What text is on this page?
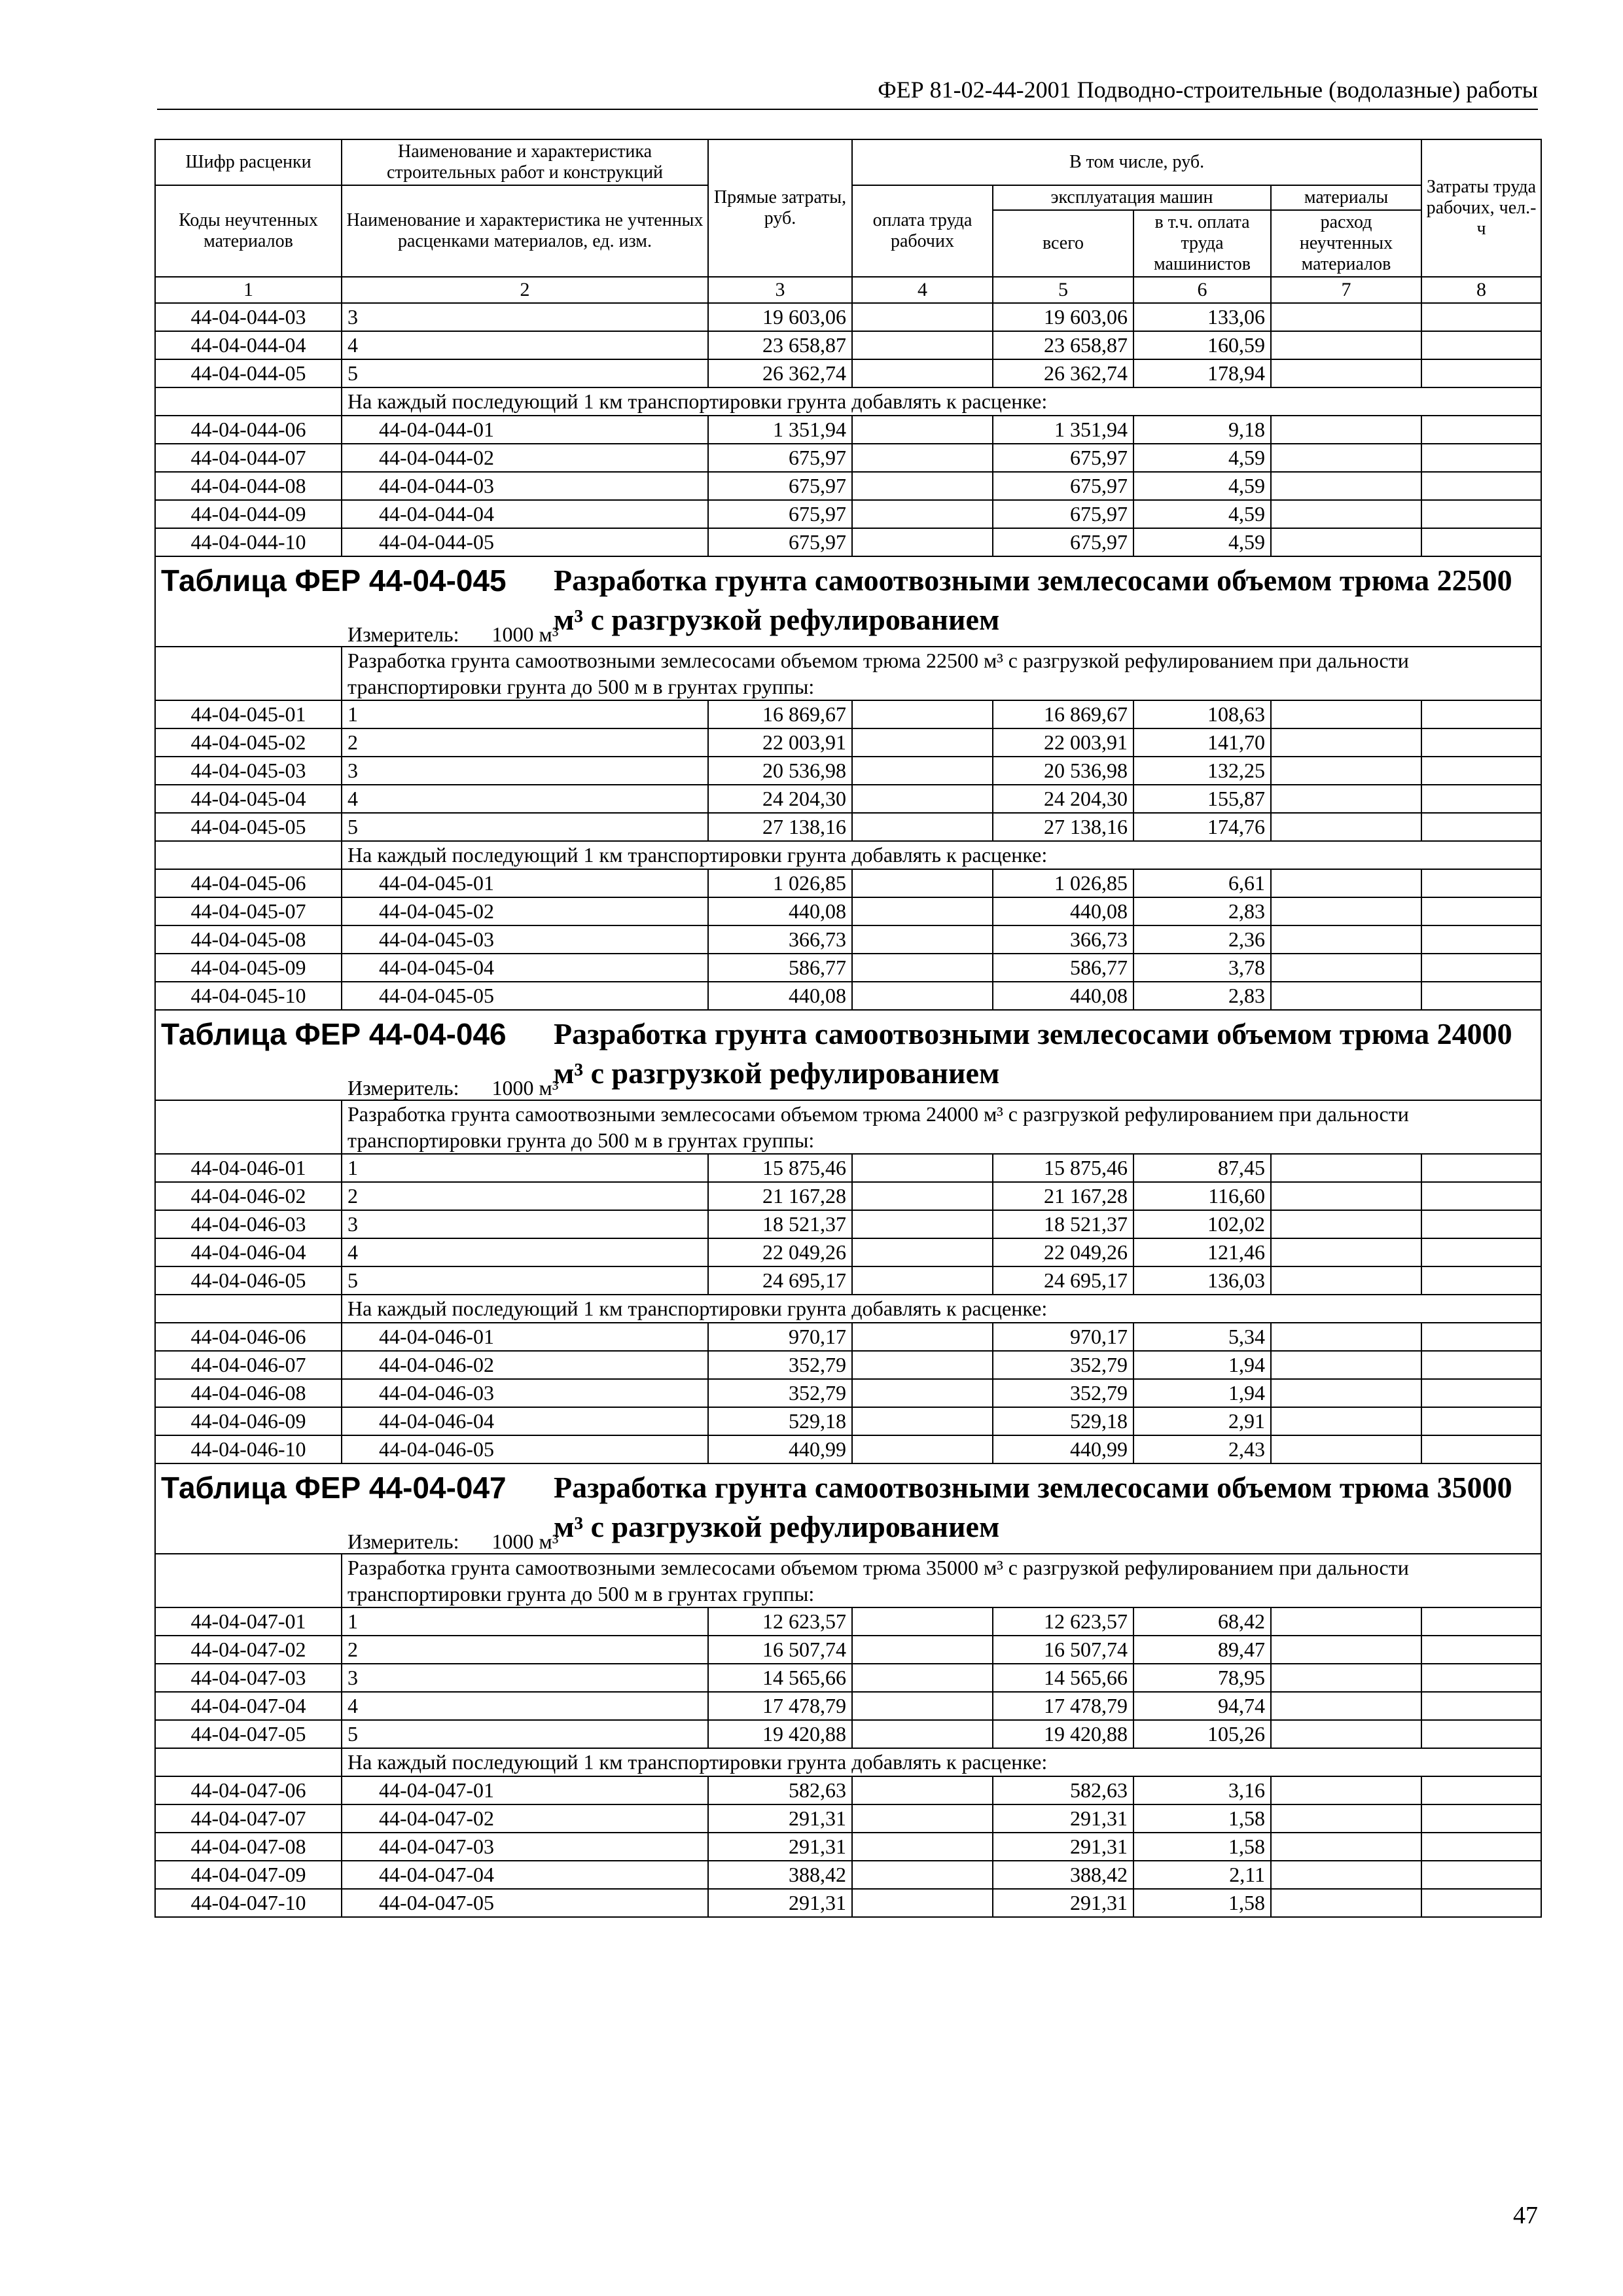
ФЕР 81-02-44-2001 Подводно-строительные (водолазные) работы
Шифр расценки	Наименование и характеристика строительных работ и конструкций	Прямые затраты, руб.	В том числе, руб.				Затраты труда рабочих, чел.-ч
Коды неучтенных материалов	Наименование и характеристика не учтенных расценками материалов, ед. изм.		оплата труда рабочих	эксплуатация машин		материалы	
				всего	в т.ч. оплата труда машинистов	расход неучтенных материалов	
1	2	3	4	5	6	7	8
44-04-044-03	3	19 603,06		19 603,06	133,06		
44-04-044-04	4	23 658,87		23 658,87	160,59		
44-04-044-05	5	26 362,74		26 362,74	178,94		
	На каждый последующий 1 км транспортировки грунта добавлять к расценке:						
44-04-044-06	44-04-044-01	1 351,94		1 351,94	9,18		
44-04-044-07	44-04-044-02	675,97		675,97	4,59		
44-04-044-08	44-04-044-03	675,97		675,97	4,59		
44-04-044-09	44-04-044-04	675,97		675,97	4,59		
44-04-044-10	44-04-044-05	675,97		675,97	4,59		

Таблица ФЕР 44-04-045 Разработка грунта самоотвозными землесосами объемом трюма 22500 м³ с разгрузкой рефулированием
Измеритель: 1000 м³							

	Разработка грунта самоотвозными землесосами объемом трюма 22500 м³ с разгрузкой рефулированием при дальности транспортировки грунта до 500 м в грунтах группы:						
44-04-045-01	1	16 869,67		16 869,67	108,63		
44-04-045-02	2	22 003,91		22 003,91	141,70		
44-04-045-03	3	20 536,98		20 536,98	132,25		
44-04-045-04	4	24 204,30		24 204,30	155,87		
44-04-045-05	5	27 138,16		27 138,16	174,76		
	На каждый последующий 1 км транспортировки грунта добавлять к расценке:						
44-04-045-06	44-04-045-01	1 026,85		1 026,85	6,61		
44-04-045-07	44-04-045-02	440,08		440,08	2,83		
44-04-045-08	44-04-045-03	366,73		366,73	2,36		
44-04-045-09	44-04-045-04	586,77		586,77	3,78		
44-04-045-10	44-04-045-05	440,08		440,08	2,83		

Таблица ФЕР 44-04-046 Разработка грунта самоотвозными землесосами объемом трюма 24000 м³ с разгрузкой рефулированием
Измеритель: 1000 м³							

	Разработка грунта самоотвозными землесосами объемом трюма 24000 м³ с разгрузкой рефулированием при дальности транспортировки грунта до 500 м в грунтах группы:						
44-04-046-01	1	15 875,46		15 875,46	87,45		
44-04-046-02	2	21 167,28		21 167,28	116,60		
44-04-046-03	3	18 521,37		18 521,37	102,02		
44-04-046-04	4	22 049,26		22 049,26	121,46		
44-04-046-05	5	24 695,17		24 695,17	136,03		
	На каждый последующий 1 км транспортировки грунта добавлять к расценке:						
44-04-046-06	44-04-046-01	970,17		970,17	5,34		
44-04-046-07	44-04-046-02	352,79		352,79	1,94		
44-04-046-08	44-04-046-03	352,79		352,79	1,94		
44-04-046-09	44-04-046-04	529,18		529,18	2,91		
44-04-046-10	44-04-046-05	440,99		440,99	2,43		

Таблица ФЕР 44-04-047 Разработка грунта самоотвозными землесосами объемом трюма 35000 м³ с разгрузкой рефулированием
Измеритель: 1000 м³							

	Разработка грунта самоотвозными землесосами объемом трюма 35000 м³ с разгрузкой рефулированием при дальности транспортировки грунта до 500 м в грунтах группы:						
44-04-047-01	1	12 623,57		12 623,57	68,42		
44-04-047-02	2	16 507,74		16 507,74	89,47		
44-04-047-03	3	14 565,66		14 565,66	78,95		
44-04-047-04	4	17 478,79		17 478,79	94,74		
44-04-047-05	5	19 420,88		19 420,88	105,26		
	На каждый последующий 1 км транспортировки грунта добавлять к расценке:						
44-04-047-06	44-04-047-01	582,63		582,63	3,16		
44-04-047-07	44-04-047-02	291,31		291,31	1,58		
44-04-047-08	44-04-047-03	291,31		291,31	1,58		
44-04-047-09	44-04-047-04	388,42		388,42	2,11		
44-04-047-10	44-04-047-05	291,31		291,31	1,58		
47
